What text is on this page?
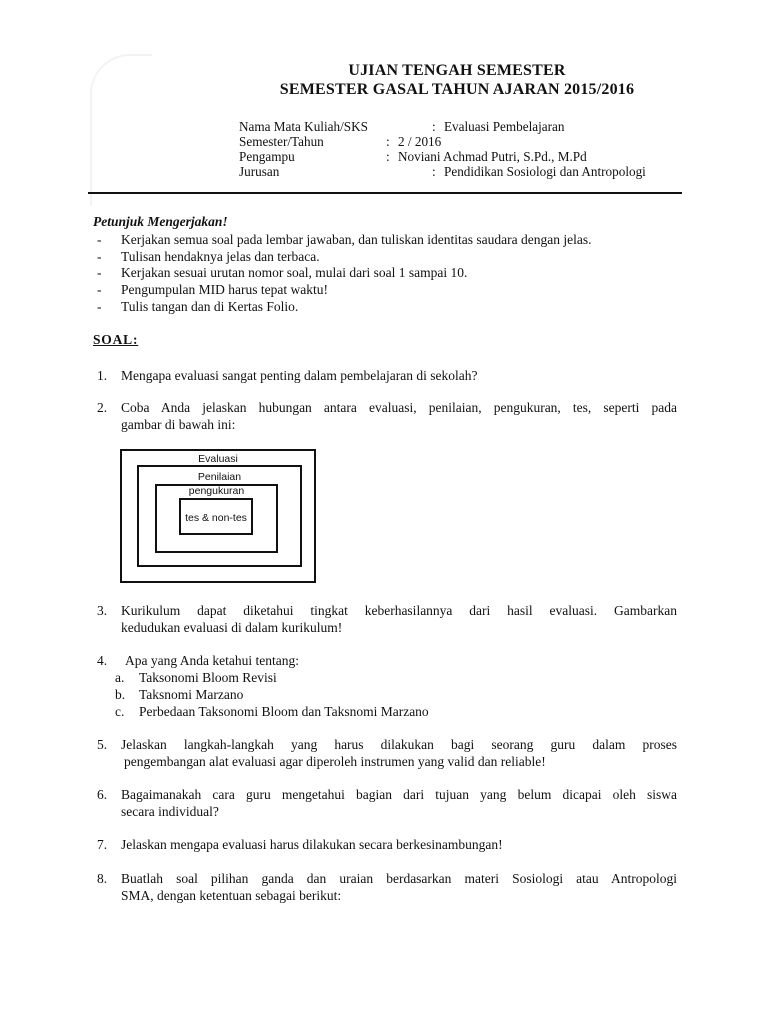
UJIAN TENGAH SEMESTER
SEMESTER GASAL TAHUN AJARAN 2015/2016
Nama Mata Kuliah/SKS	: Evaluasi Pembelajaran
Semester/Tahun	: 2 / 2016
Pengampu	: Noviani Achmad Putri, S.Pd., M.Pd
Jurusan	: Pendidikan Sosiologi dan Antropologi
Petunjuk Mengerjakan!
- Kerjakan semua soal pada lembar jawaban, dan tuliskan identitas saudara dengan jelas.
- Tulisan hendaknya jelas dan terbaca.
- Kerjakan sesuai urutan nomor soal, mulai dari soal 1 sampai 10.
- Pengumpulan MID harus tepat waktu!
- Tulis tangan dan di Kertas Folio.
SOAL:
1. Mengapa evaluasi sangat penting dalam pembelajaran di sekolah?
2. Coba Anda jelaskan hubungan antara evaluasi, penilaian, pengukuran, tes, seperti pada
gambar di bawah ini:
Evaluasi
Penilaian
pengukuran
tes & non-tes
3. Kurikulum dapat diketahui tingkat keberhasilannya dari hasil evaluasi. Gambarkan
kedudukan evaluasi di dalam kurikulum!
4. Apa yang Anda ketahui tentang:
a. Taksonomi Bloom Revisi
b. Taksnomi Marzano
c. Perbedaan Taksonomi Bloom dan Taksnomi Marzano
5. Jelaskan langkah-langkah yang harus dilakukan bagi seorang guru dalam proses
pengembangan alat evaluasi agar diperoleh instrumen yang valid dan reliable!
6. Bagaimanakah cara guru mengetahui bagian dari tujuan yang belum dicapai oleh siswa
secara individual?
7. Jelaskan mengapa evaluasi harus dilakukan secara berkesinambungan!
8. Buatlah soal pilihan ganda dan uraian berdasarkan materi Sosiologi atau Antropologi
SMA, dengan ketentuan sebagai berikut:
